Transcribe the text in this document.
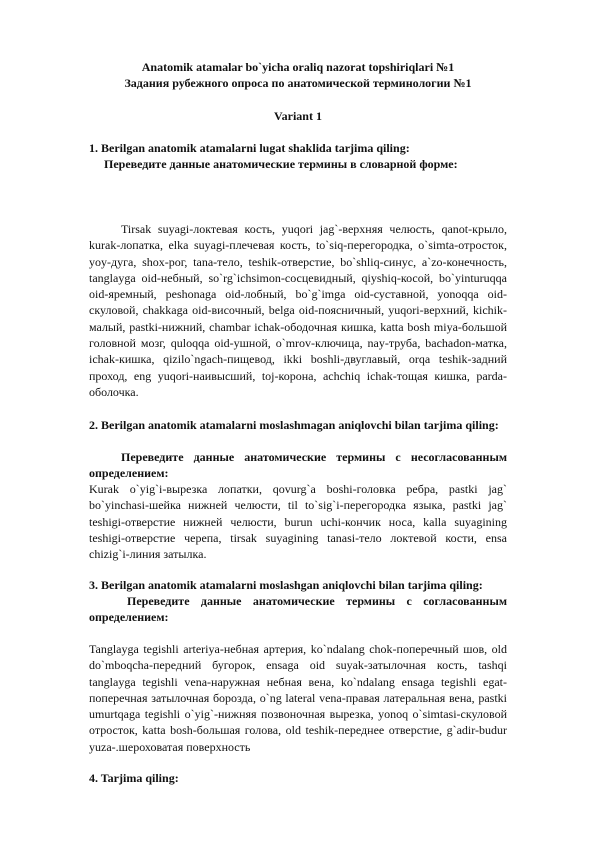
Anatomik atamalar bo`yicha oraliq nazorat topshiriqlari №1
Задания рубежного опроса по анатомической терминологии №1
Variant 1
1. Berilgan anatomik atamalarni lugat shaklida tarjima qiling:
Переведите данные анатомические термины в словарной форме:
Tirsak suyagi-локтевая кость, yuqori jag`-верхняя челюсть, qanot-крыло, kurak-лопатка, elka suyagi-плечевая кость, to`siq-перегородка, o`simta-отросток, yoy-дуга, shox-рог, tana-тело, teshik-отверстие, bo`shliq-синус, a`zo-конечность, tanglayga oid-небный, so`rg`ichsimon-сосцевидный, qiyshiq-косой, bo`yinturuqqa oid-яремный, peshonaga oid-лобный, bo`g`imga oid-суставной, yonoqqa oid-скуловой, chakkaga oid-височный, belga oid-поясничный, yuqori-верхний, kichik-малый, pastki-нижний, chambar ichak-ободочная кишка, katta bosh miya-большой головной мозг, quloqqa oid-ушной, o`mrov-ключица, nay-труба, bachadon-матка, ichak-кишка, qizilo`ngach-пищевод, ikki boshli-двуглавый, orqa teshik-задний проход, eng yuqori-наивысший, toj-корона, achchiq ichak-тощая кишка, parda-оболочка.
2. Berilgan anatomik atamalarni moslashmagan aniqlovchi bilan tarjima qiling:
Переведите данные анатомические термины с несогласованным определением:
Kurak o`yig`i-вырезка лопатки, qovurg`a boshi-головка ребра, pastki jag` bo`yinchasi-шейка нижней челюсти, til to`sig`i-перегородка языка, pastki jag` teshigi-отверстие нижней челюсти, burun uchi-кончик носа, kalla suyagining teshigi-отверстие черепа, tirsak suyagining tanasi-тело локтевой кости, ensa chizig`i-линия затылка.
3. Berilgan anatomik atamalarni moslashgan aniqlovchi bilan tarjima qiling:
Переведите данные анатомические термины с согласованным определением:
Tanglayga tegishli arteriya-небная артерия, ko`ndalang chok-поперечный шов, old do`mboqcha-передний бугорок, ensaga oid suyak-затылочная кость, tashqi tanglayga tegishli vena-наружная небная вена, ko`ndalang ensaga tegishli egat-поперечная затылочная борозда, o`ng lateral vena-правая латеральная вена, pastki umurtqaga tegishli o`yig`-нижняя позвоночная вырезка, yonoq o`simtasi-скуловой отросток, katta bosh-большая голова, old teshik-переднее отверстие, g`adir-budur yuza-.шероховатая поверхность
4. Tarjima qiling:
